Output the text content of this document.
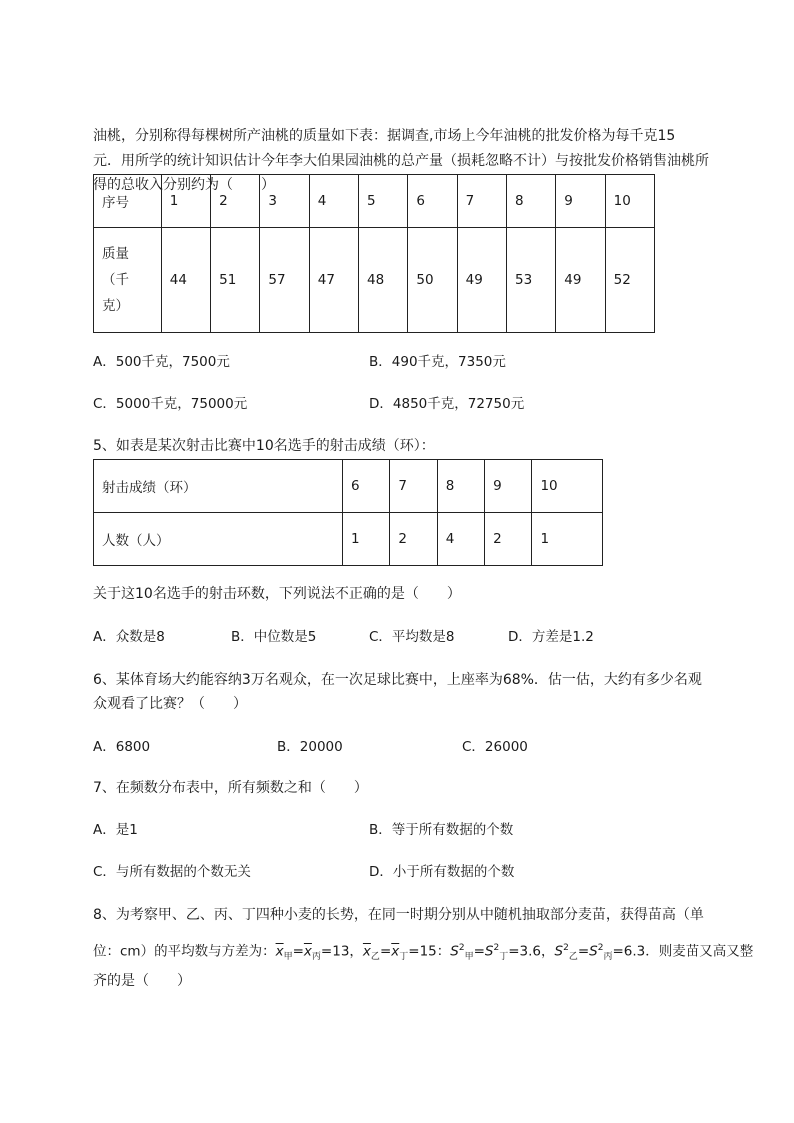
油桃，分别称得每棵树所产油桃的质量如下表：据调查,市场上今年油桃的批发价格为每千克15
元．用所学的统计知识估计今年李大伯果园油桃的总产量（损耗忽略不计）与按批发价格销售油桃所
得的总收入分别约为（　　）
序号	1	2	3	4	5	6	7	8	9	10

质量
（千
克）	44	51	57	47	48	50	49	53	49	52
A．500千克，7500元	B．490千克，7350元
C．5000千克，75000元	D．4850千克，72750元
5、如表是某次射击比赛中10名选手的射击成绩（环）：
射击成绩（环）	6	7	8	9	10
人数（人）	1	2	4	2	1
关于这10名选手的射击环数，下列说法不正确的是（　　）
A．众数是8	B．中位数是5	C．平均数是8	D．方差是1.2
6、某体育场大约能容纳3万名观众，在一次足球比赛中，上座率为68%．估一估，大约有多少名观
众观看了比赛？（　　）
A．6800	B．20000	C．26000
7、在频数分布表中，所有频数之和（　　）
A．是1	B．等于所有数据的个数
C．与所有数据的个数无关	D．小于所有数据的个数
8、为考察甲、乙、丙、丁四种小麦的长势，在同一时期分别从中随机抽取部分麦苗，获得苗高（单
位：cm）的平均数与方差为：$\overline{x}_甲=\overline{x}_丙=13$，$\overline{x}_乙=\overline{x}_丁=15$：$S^2_甲=S^2_丁=3.6$，$S^2_乙=S^2_丙=6.3$．则麦苗又高又整
齐的是（　　）
